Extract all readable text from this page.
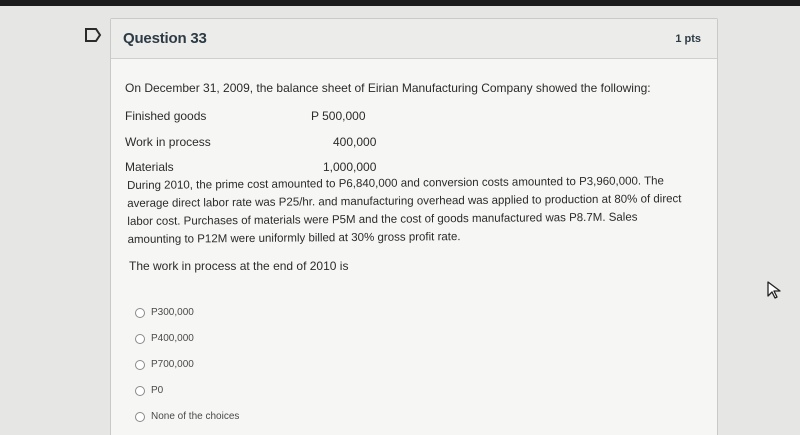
Question 33	1 pts
On December 31, 2009, the balance sheet of Eirian Manufacturing Company showed the following:
Finished goods	P 500,000
Work in process	400,000
Materials	1,000,000
During 2010, the prime cost amounted to P6,840,000 and conversion costs amounted to P3,960,000. The average direct labor rate was P25/hr. and manufacturing overhead was applied to production at 80% of direct labor cost. Purchases of materials were P5M and the cost of goods manufactured was P8.7M. Sales amounting to P12M were uniformly billed at 30% gross profit rate.
The work in process at the end of 2010 is
P300,000
P400,000
P700,000
P0
None of the choices
